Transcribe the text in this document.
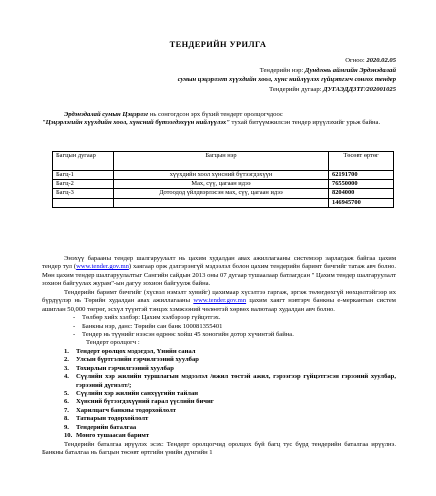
ТЕНДЕРИЙН УРИЛГА
Огноо: 2020.02.05
Тендерийн нэр: Дундговь аймгийн Эрдэнэдалай
сумын цэцэрлэгт хүүхдийн хоол, хүнс нийлүүлэх гүйцэтгэгч сонгох тендер
Тендерийн дугаар: ДУГАЭДДЗТГ/202001025

Эрдэнэдалай сумын Цэцэрлэг нь сонгогдсон эрх бүхий тендерт оролцогчдоос
"Цэцэрлэгийн хүүхдийн хоол, хүнсний бүтээгдэхүүн нийлүүлэх" тухай битүүмжилсэн тендер ирүүлэхийг урьж байна.

Багцын дугаар	Багцын нэр	Төсөвт өртөг
Багц-1	хүүхдийн хоол хүнсний бүтээгдэхүүн	62191700
Багц-2	Мах, сүү, цагаан идээ	76550000
Багц-3	Дотоодод үйлдвэрлэсэн мах, сүү, цагаан идээ	8204000
		146945700

Энэхүү барааны тендер шалгаруулалт нь цахим худалдан авах ажиллагааны системээр зарлагдаж байгаа цахим тендер тул (www.tender.gov.mn) хаягаар орж дэлгэрэнгүй мэдээлэл болон цахим тендерийн баримт бичгийг татаж авч болно. Мөн цахим тендер шалгаруулалтыг Сангийн сайдын 2013 оны 07 дугаар тушаалаар батлагдсан " Цахим тендер шалгаруулалт зохион байгуулах журам"-ын дагуу зохион байгуулж байна.

Тендерийн баримт бичгийг (хүсвэл нэмэлт хувийг) цахимаар хүсэлтээ гаргаж, эргэж төлөгдөхгүй нөхцөлтэйгээр их бүрдүүлэр нь Төрийн худалдан авах ажиллагааны www.tender.gov.mn цахим хаягт нэвтэрч банкны е-меркантын систем ашиглан 50,000 төгрөг, эсхүл түүнтэй тэнцэх хэмжээний чөлөөтэй хөрвөх валютаар худалдан авч болно.

- Төлбөр хийх хэлбэр: Цахим хэлбэрээр гүйцэтгэх.
- Банкны нэр, данс: Төрийн сан банк 100081355401
- Тендер нь түүнийг нээсэн өдрөөс хойш 45 хоногийн дотор хүчинтэй байна.

Тендерт оролцогч :

1.	Тендерт оролцох мэдэгдэл, Үнийн санал
2.	Улсын бүртгэлийн гэрчилгээний хуулбар
3.	Тохирлын гэрчилгээний хуулбар
4.	Сүүлийн хэр жилийн туршлагын мэдээлэл /ижил төстэй ажил, гэрээгээр гүйцэтгэсэн гэрээний хуулбар, гэрээний дүгнэлт/;
5.	Сүүлийн хэр жилийн санхүүгийн тайлан
6.	Хүнсний бүтээгдэхүүний гарал үүслийн бичиг
7.	Харилцагч банкны тодорхойлолт
8.	Татварын тодорхойлолт
9.	Тендерийн баталгаа
10. Монго тушаасан баримт

Тендерийн баталгаа ирүүлэх эсэх: Тендерт оролцогчид оролцох бүй багц тус бүрд тендерийн баталгаа ирүүлнэ. Банкны баталгаа нь багцын төсөвт өртгийн үнийн дүнгийн 1
